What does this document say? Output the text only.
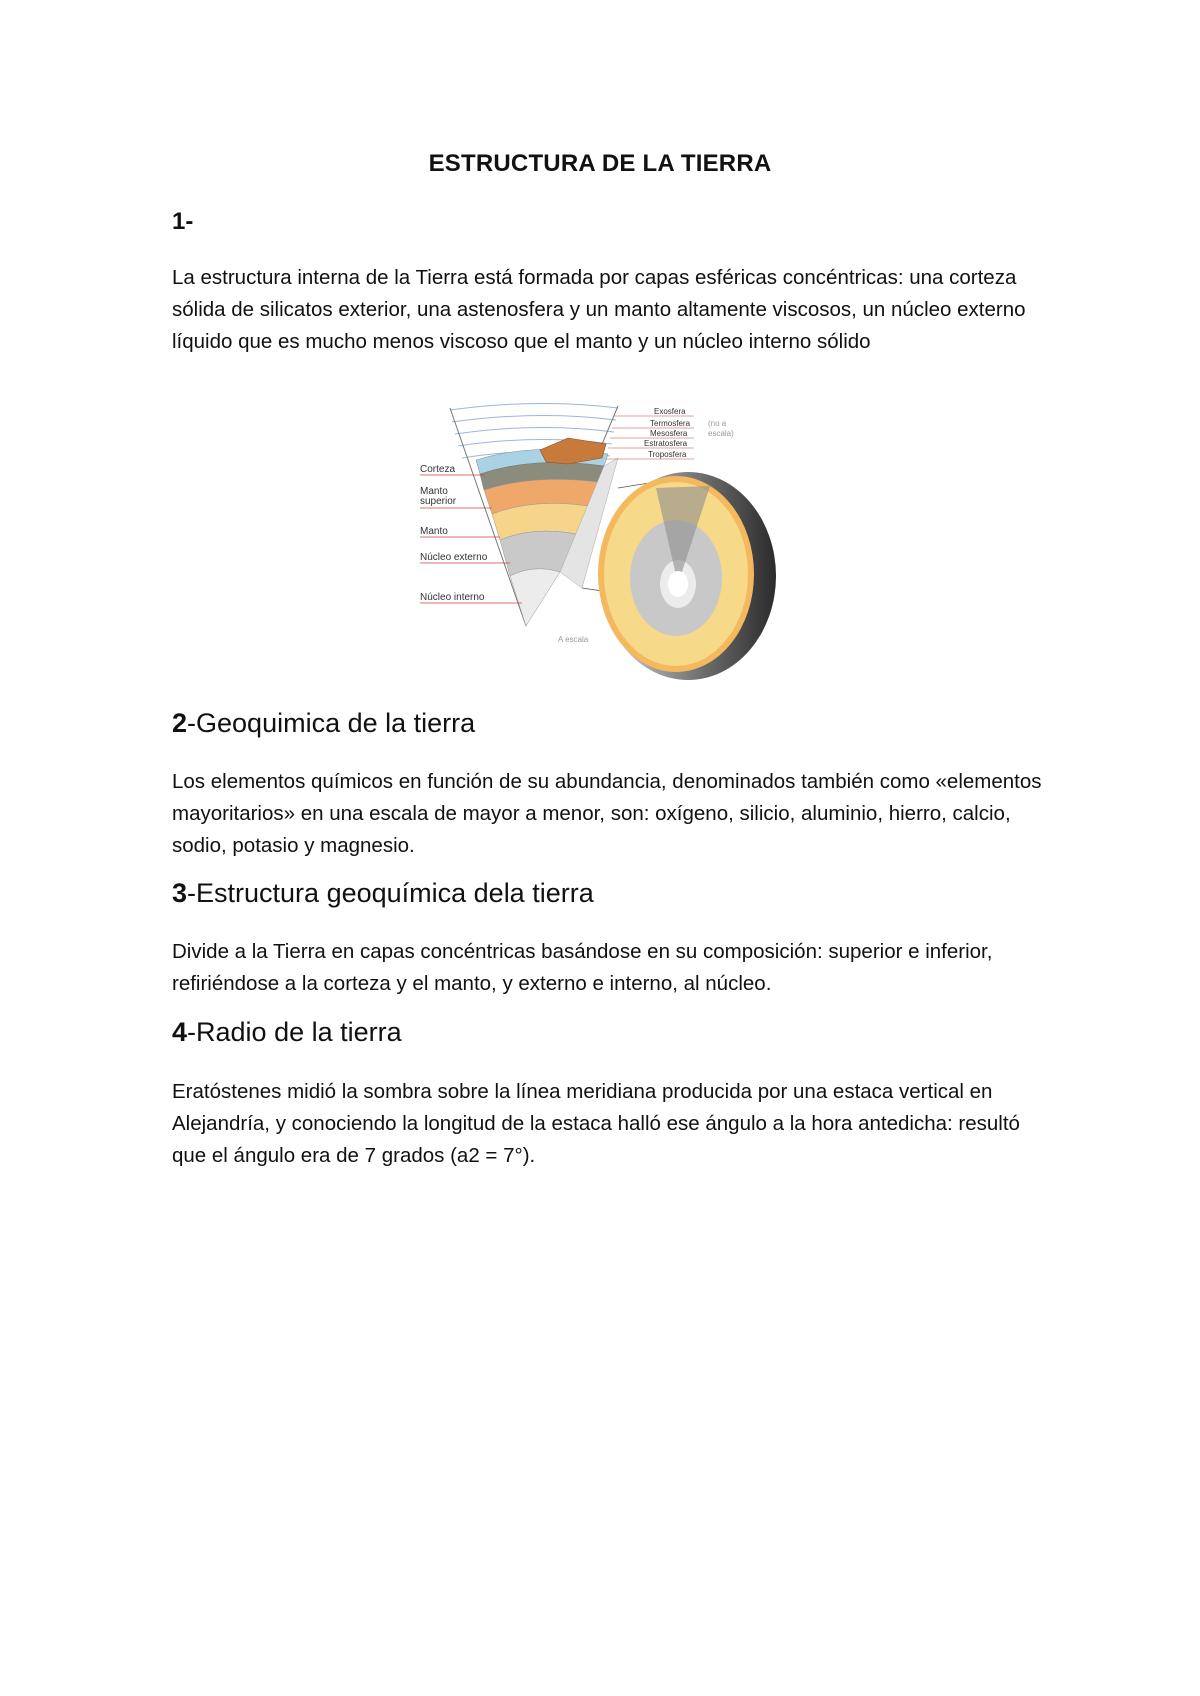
ESTRUCTURA DE LA TIERRA
1-
La estructura interna de la Tierra está formada por capas esféricas concéntricas: una corteza sólida de silicatos exterior, una astenosfera y un manto altamente viscosos, un núcleo externo líquido que es mucho menos viscoso que el manto y un núcleo interno sólido
Corteza
Manto
superior
Manto
Núcleo externo
Núcleo interno
Exosfera
Termosfera
Mesosfera
Estratosfera
Troposfera
(no a
escala)
A escala
2-Geoquimica de la tierra
Los elementos químicos en función de su abundancia, denominados también como «elementos mayoritarios» en una escala de mayor a menor, son: oxígeno, silicio, aluminio, hierro, calcio, sodio, potasio y magnesio.
3-Estructura geoquímica dela tierra
Divide a la Tierra en capas concéntricas basándose en su composición: superior e inferior, refiriéndose a la corteza y el manto, y externo e interno, al núcleo.
4-Radio de la tierra
Eratóstenes midió la sombra sobre la línea meridiana producida por una estaca vertical en Alejandría, y conociendo la longitud de la estaca halló ese ángulo a la hora antedicha: resultó que el ángulo era de 7 grados (a2 = 7°).
